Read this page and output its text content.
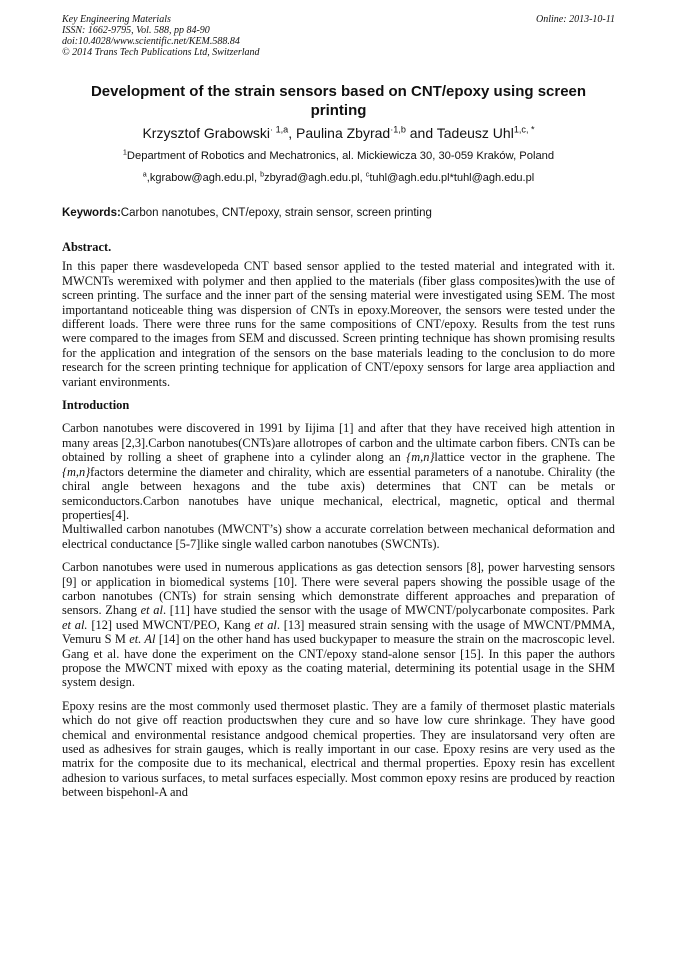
Key Engineering Materials
ISSN: 1662-9795, Vol. 588, pp 84-90
doi:10.4028/www.scientific.net/KEM.588.84
© 2014 Trans Tech Publications Ltd, Switzerland
Online: 2013-10-11
Development of the strain sensors based on CNT/epoxy using screen printing
Krzysztof Grabowski$^{\cdot 1,a}$, Paulina Zbyrad$^{\cdot 1,b}$ and Tadeusz Uhl$^{1,c, *}$
$^1$Department of Robotics and Mechatronics, al. Mickiewicza 30, 30-059 Kraków, Poland
$^a$,kgrabow@agh.edu.pl, $^b$zbyrad@agh.edu.pl, $^c$tuhl@agh.edu.pl*tuhl@agh.edu.pl
Keywords:Carbon nanotubes, CNT/epoxy, strain sensor, screen printing
Abstract.

In this paper there wasdevelopeda CNT based sensor applied to the tested material and integrated with it. MWCNTs weremixed with polymer and then applied to the materials (fiber glass composites)with the use of screen printing. The surface and the inner part of the sensing material were investigated using SEM. The most importantand noticeable thing was dispersion of CNTs in epoxy.Moreover, the sensors were tested under the different loads. There were three runs for the same compositions of CNT/epoxy. Results from the test runs were compared to the images from SEM and discussed. Screen printing technique has shown promising results for the application and integration of the sensors on the base materials leading to the conclusion to do more research for the screen printing technique for application of CNT/epoxy sensors for large area appliaction and variant environments.

Introduction

Carbon nanotubes were discovered in 1991 by Iijima [1] and after that they have received high attention in many areas [2,3].Carbon nanotubes(CNTs)are allotropes of carbon and the ultimate carbon fibers. CNTs can be obtained by rolling a sheet of graphene into a cylinder along an {m,n}lattice vector in the graphene. The {m,n}factors determine the diameter and chirality, which are essential parameters of a nanotube. Chirality (the chiral angle between hexagons and the tube axis) determines that CNT can be metals or semiconductors.Carbon nanotubes have unique mechanical, electrical, magnetic, optical and thermal properties[4].

Multiwalled carbon nanotubes (MWCNT’s) show a accurate correlation between mechanical deformation and electrical conductance [5-7]like single walled carbon nanotubes (SWCNTs).

Carbon nanotubes were used in numerous applications as gas detection sensors [8], power harvesting sensors [9] or application in biomedical systems [10]. There were several papers showing the possible usage of the carbon nanotubes (CNTs) for strain sensing which demonstrate different approaches and preparation of sensors. Zhang et al. [11] have studied the sensor with the usage of MWCNT/polycarbonate composites. Park et al. [12] used MWCNT/PEO, Kang et al. [13] measured strain sensing with the usage of MWCNT/PMMA, Vemuru S M et. Al [14] on the other hand has used buckypaper to measure the strain on the macroscopic level. Gang et al. have done the experiment on the CNT/epoxy stand-alone sensor [15]. In this paper the authors propose the MWCNT mixed with epoxy as the coating material, determining its potential usage in the SHM system design.

Epoxy resins are the most commonly used thermoset plastic. They are a family of thermoset plastic materials which do not give off reaction productswhen they cure and so have low cure shrinkage. They have good chemical and environmental resistance andgood chemical properties. They are insulatorsand very often are used as adhesives for strain gauges, which is really important in our case. Epoxy resins are very used as the matrix for the composite due to its mechanical, electrical and thermal properties. Epoxy resin has excellent adhesion to various surfaces, to metal surfaces especially. Most common epoxy resins are produced by reaction between bispehonl-A and
